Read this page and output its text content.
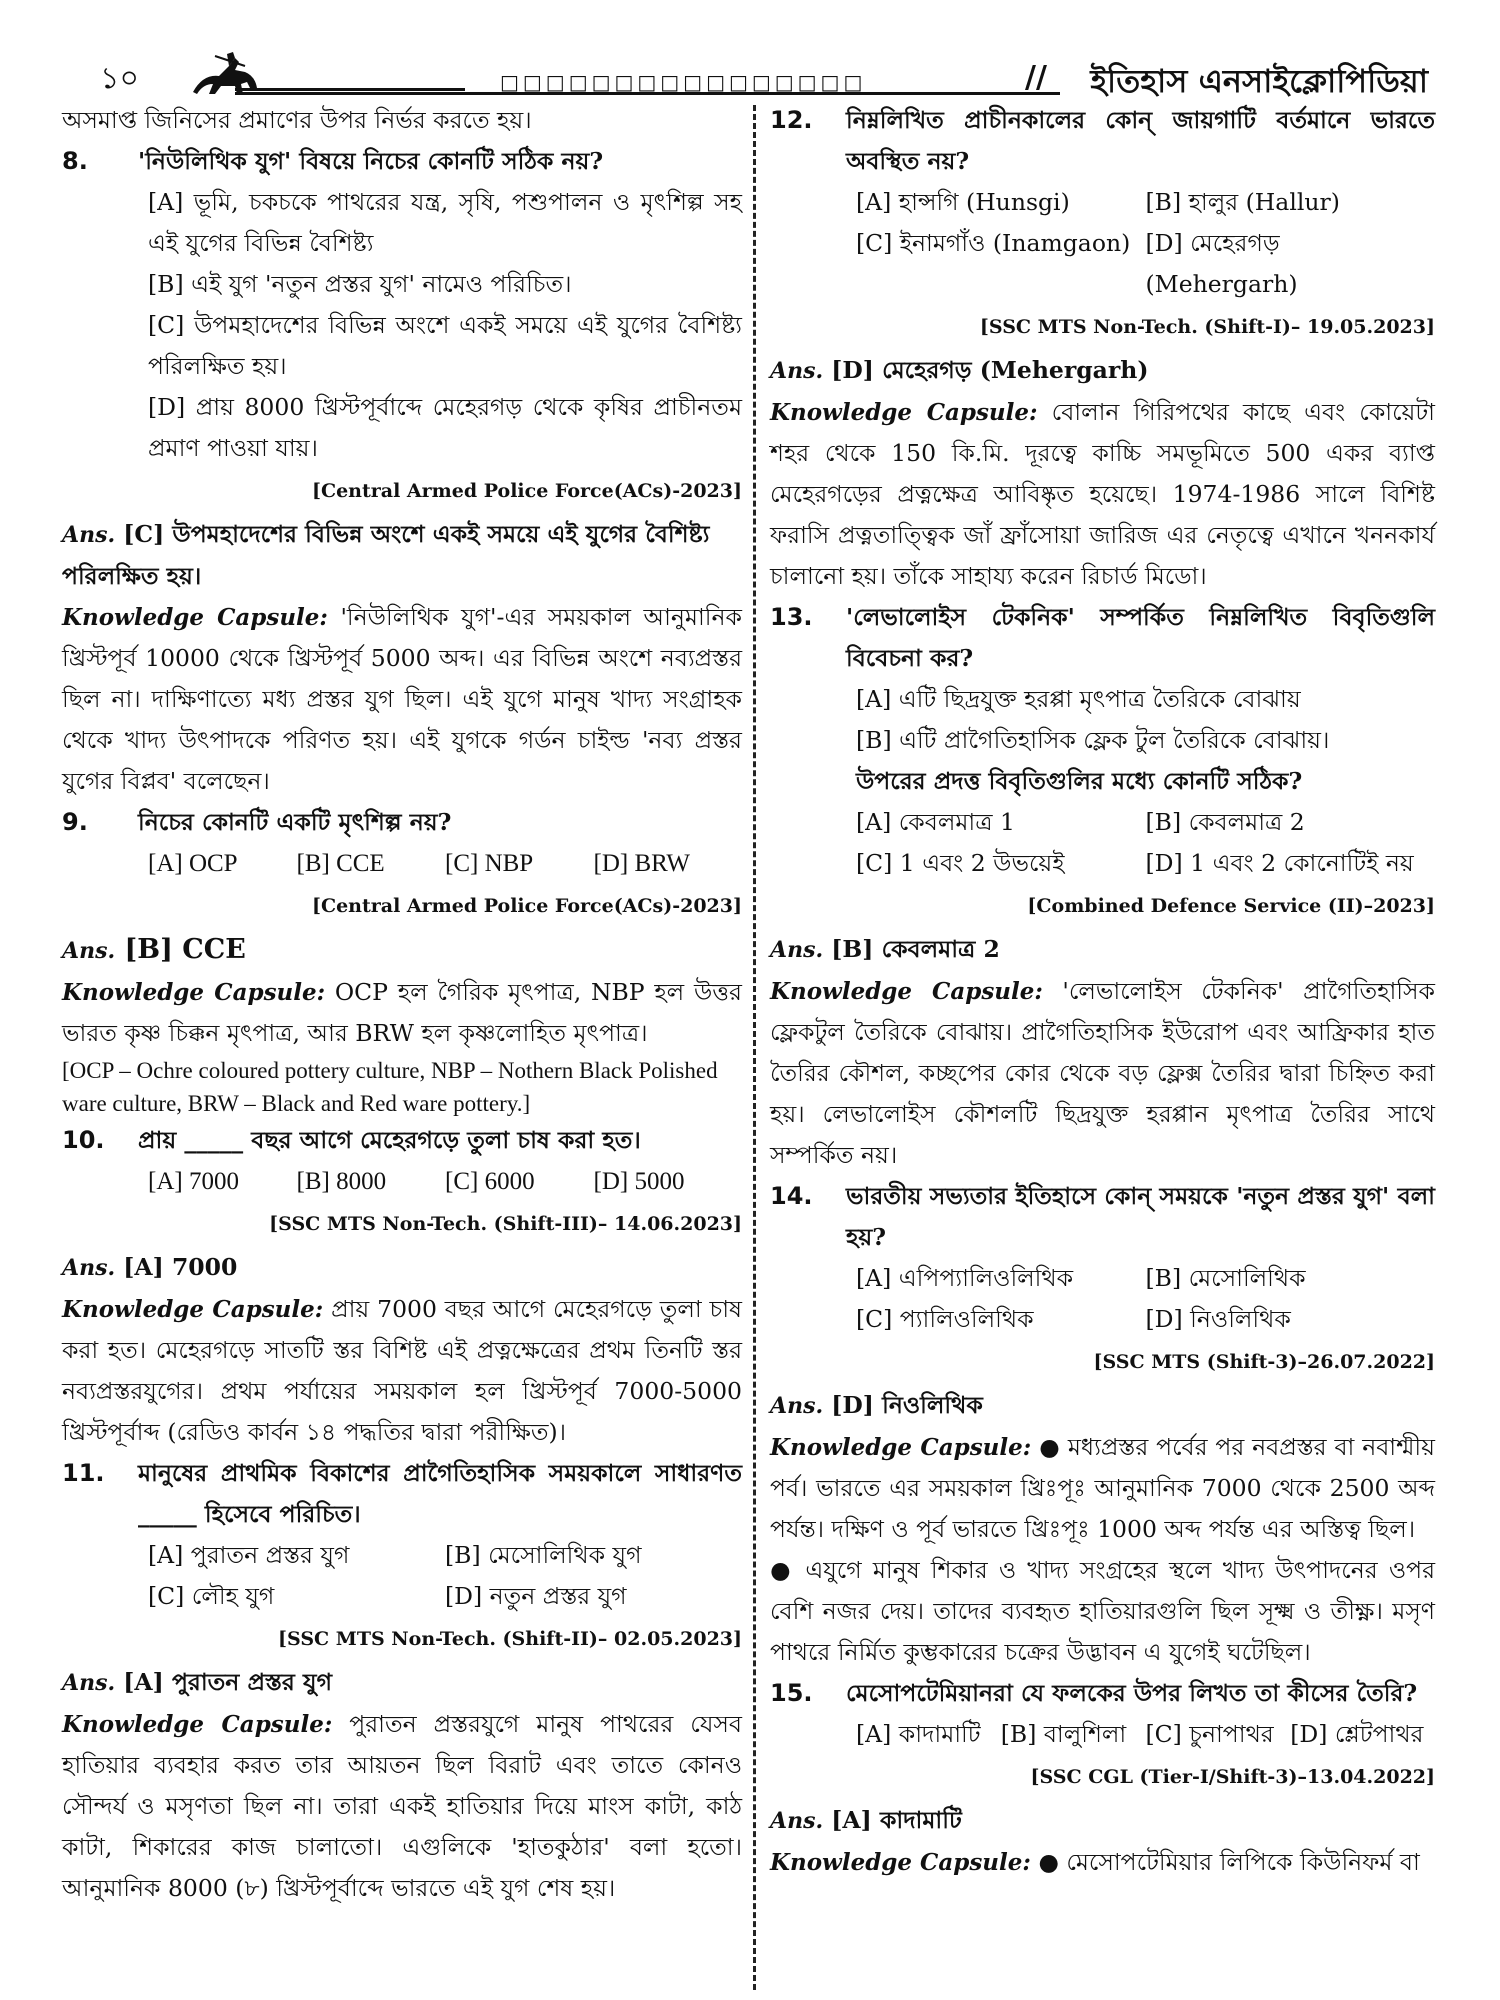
১০	□□□□□□□□□□□□□□□□	// ইতিহাস এনসাইক্লোপিডিয়া

অসমাপ্ত জিনিসের প্রমাণের উপর নির্ভর করতে হয়।

8.	'নিউলিথিক যুগ' বিষয়ে নিচের কোনটি সঠিক নয়?

[A] ভূমি, চকচকে পাথরের যন্ত্র, সৃষি, পশুপালন ও মৃৎশিল্প সহ এই যুগের বিভিন্ন বৈশিষ্ট্য

[B] এই যুগ 'নতুন প্রস্তর যুগ' নামেও পরিচিত।

[C] উপমহাদেশের বিভিন্ন অংশে একই সময়ে এই যুগের বৈশিষ্ট্য পরিলক্ষিত হয়।

[D] প্রায় 8000 খ্রিস্টপূর্বাব্দে মেহেরগড় থেকে কৃষির প্রাচীনতম প্রমাণ পাওয়া যায়।

[Central Armed Police Force(ACs)-2023]

Ans. [C] উপমহাদেশের বিভিন্ন অংশে একই সময়ে এই যুগের বৈশিষ্ট্য পরিলক্ষিত হয়।

Knowledge Capsule: 'নিউলিথিক যুগ'-এর সময়কাল আনুমানিক খ্রিস্টপূর্ব 10000 থেকে খ্রিস্টপূর্ব 5000 অব্দ। এর বিভিন্ন অংশে নব্যপ্রস্তর ছিল না। দাক্ষিণাত্যে মধ্য প্রস্তর যুগ ছিল। এই যুগে মানুষ খাদ্য সংগ্রাহক থেকে খাদ্য উৎপাদকে পরিণত হয়। এই যুগকে গর্ডন চাইল্ড 'নব্য প্রস্তর যুগের বিপ্লব' বলেছেন।

9.	নিচের কোনটি একটি মৃৎশিল্প নয়?
[A] OCP	[B] CCE	[C] NBP	[D] BRW

[Central Armed Police Force(ACs)-2023]

Ans. [B] CCE

Knowledge Capsule: OCP হল গৈরিক মৃৎপাত্র, NBP হল উত্তর ভারত কৃষ্ণ চিক্কন মৃৎপাত্র, আর BRW হল কৃষ্ণলোহিত মৃৎপাত্র।

[OCP – Ochre coloured pottery culture, NBP – Nothern Black Polished ware culture, BRW – Black and Red ware pottery.]

10.	প্রায় _____ বছর আগে মেহেরগড়ে তুলা চাষ করা হত।
[A] 7000	[B] 8000	[C] 6000	[D] 5000

[SSC MTS Non-Tech. (Shift-III)– 14.06.2023]

Ans. [A] 7000

Knowledge Capsule: প্রায় 7000 বছর আগে মেহেরগড়ে তুলা চাষ করা হত। মেহেরগড়ে সাতটি স্তর বিশিষ্ট এই প্রত্নক্ষেত্রের প্রথম তিনটি স্তর নব্যপ্রস্তরযুগের। প্রথম পর্যায়ের সময়কাল হল খ্রিস্টপূর্ব 7000-5000 খ্রিস্টপূর্বাব্দ (রেডিও কার্বন ১৪ পদ্ধতির দ্বারা পরীক্ষিত)।

11.	মানুষের প্রাথমিক বিকাশের প্রাগৈতিহাসিক সময়কালে সাধারণত _____ হিসেবে পরিচিত।
[A] পুরাতন প্রস্তর যুগ	[B] মেসোলিথিক যুগ
[C] লৌহ যুগ	[D] নতুন প্রস্তর যুগ

[SSC MTS Non-Tech. (Shift-II)– 02.05.2023]

Ans. [A] পুরাতন প্রস্তর যুগ

Knowledge Capsule: পুরাতন প্রস্তরযুগে মানুষ পাথরের যেসব হাতিয়ার ব্যবহার করত তার আয়তন ছিল বিরাট এবং তাতে কোনও সৌন্দর্য ও মসৃণতা ছিল না। তারা একই হাতিয়ার দিয়ে মাংস কাটা, কাঠ কাটা, শিকারের কাজ চালাতো। এগুলিকে 'হাতকুঠার' বলা হতো। আনুমানিক 8000 (৮) খ্রিস্টপূর্বাব্দে ভারতে এই যুগ শেষ হয়।

12.	নিম্নলিখিত প্রাচীনকালের কোন্ জায়গাটি বর্তমানে ভারতে অবস্থিত নয়?
[A] হান্সগি (Hunsgi)	[B] হালুর (Hallur)
[C] ইনামগাঁও (Inamgaon) [D] মেহেরগড় (Mehergarh)

[SSC MTS Non-Tech. (Shift-I)– 19.05.2023]

Ans. [D] মেহেরগড় (Mehergarh)

Knowledge Capsule: বোলান গিরিপথের কাছে এবং কোয়েটা শহর থেকে 150 কি.মি. দূরত্বে কাচ্চি সমভূমিতে 500 একর ব্যাপ্ত মেহেরগড়ের প্রত্নক্ষেত্র আবিষ্কৃত হয়েছে। 1974-1986 সালে বিশিষ্ট ফরাসি প্রত্নতাত্ত্বিক জাঁ ফ্রাঁসোয়া জারিজ এর নেতৃত্বে এখানে খননকার্য চালানো হয়। তাঁকে সাহায্য করেন রিচার্ড মিডো।

13.	'লেভালোইস টেকনিক' সম্পর্কিত নিম্নলিখিত বিবৃতিগুলি বিবেচনা কর?

[A] এটি ছিদ্রযুক্ত হরপ্পা মৃৎপাত্র তৈরিকে বোঝায়

[B] এটি প্রাগৈতিহাসিক ফ্লেক টুল তৈরিকে বোঝায়।

উপরের প্রদত্ত বিবৃতিগুলির মধ্যে কোনটি সঠিক?

[A] কেবলমাত্র 1	[B] কেবলমাত্র 2
[C] 1 এবং 2 উভয়েই	[D] 1 এবং 2 কোনোটিই নয়

[Combined Defence Service (II)–2023]

Ans. [B] কেবলমাত্র 2

Knowledge Capsule: 'লেভালোইস টেকনিক' প্রাগৈতিহাসিক ফ্লেকটুল তৈরিকে বোঝায়। প্রাগৈতিহাসিক ইউরোপ এবং আফ্রিকার হাত তৈরির কৌশল, কচ্ছপের কোর থেকে বড় ফ্লেক্স তৈরির দ্বারা চিহ্নিত করা হয়। লেভালোইস কৌশলটি ছিদ্রযুক্ত হরপ্পান মৃৎপাত্র তৈরির সাথে সম্পর্কিত নয়।

14.	ভারতীয় সভ্যতার ইতিহাসে কোন্ সময়কে 'নতুন প্রস্তর যুগ' বলা হয়?
[A] এপিপ্যালিওলিথিক	[B] মেসোলিথিক
[C] প্যালিওলিথিক	[D] নিওলিথিক

[SSC MTS (Shift-3)–26.07.2022]

Ans. [D] নিওলিথিক

Knowledge Capsule: ● মধ্যপ্রস্তর পর্বের পর নবপ্রস্তর বা নবাশ্মীয় পর্ব। ভারতে এর সময়কাল খ্রিঃপূঃ আনুমানিক 7000 থেকে 2500 অব্দ পর্যন্ত। দক্ষিণ ও পূর্ব ভারতে খ্রিঃপূঃ 1000 অব্দ পর্যন্ত এর অস্তিত্ব ছিল।

● এযুগে মানুষ শিকার ও খাদ্য সংগ্রহের স্থলে খাদ্য উৎপাদনের ওপর বেশি নজর দেয়। তাদের ব্যবহৃত হাতিয়ারগুলি ছিল সূক্ষ্ম ও তীক্ষ্ণ। মসৃণ পাথরে নির্মিত কুম্ভকারের চক্রের উদ্ভাবন এ যুগেই ঘটেছিল।

15.	মেসোপটেমিয়ানরা যে ফলকের উপর লিখত তা কীসের তৈরি?
[A] কাদামাটি [B] বালুশিলা [C] চুনাপাথর [D] শ্লেটপাথর

[SSC CGL (Tier-I/Shift-3)–13.04.2022]

Ans. [A] কাদামাটি

Knowledge Capsule: ● মেসোপটেমিয়ার লিপিকে কিউনিফর্ম বা
